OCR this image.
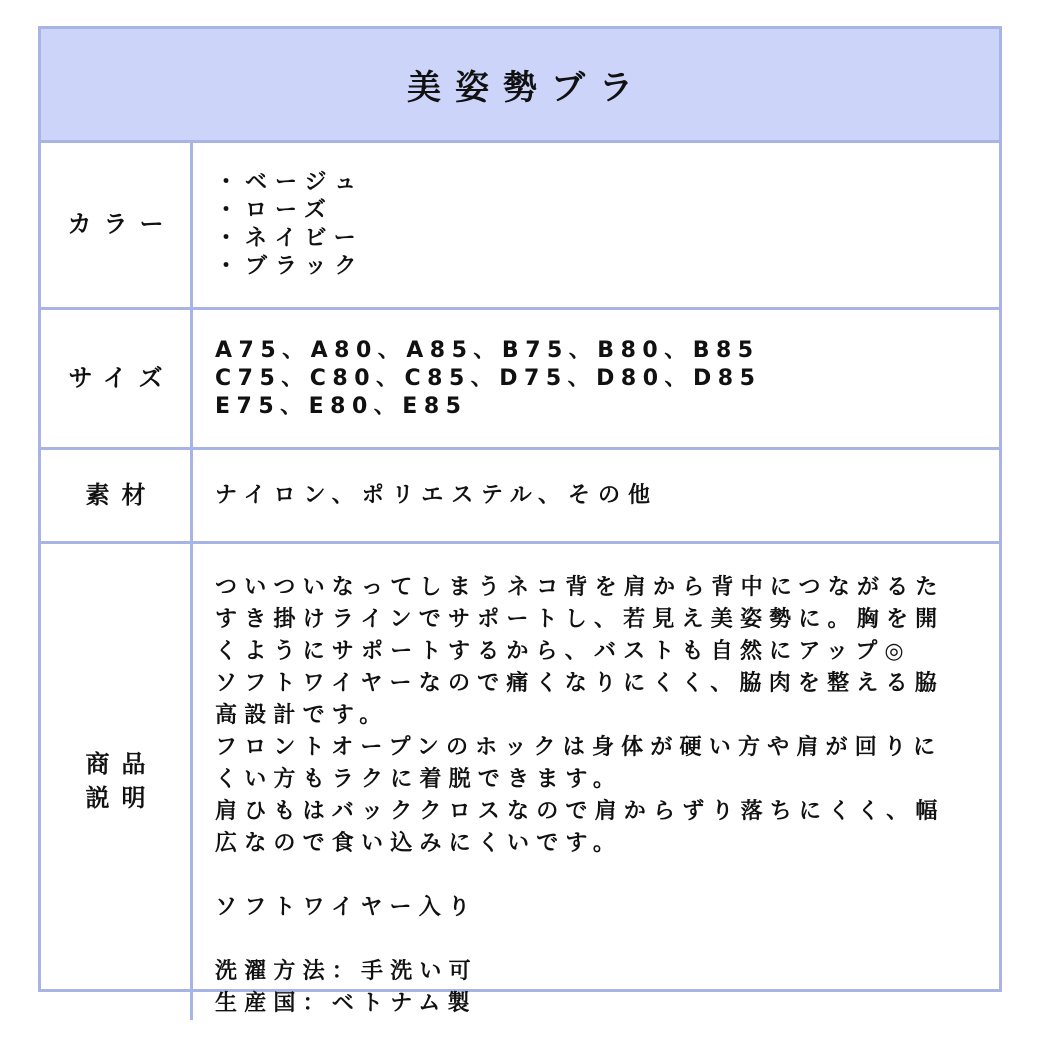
美姿勢ブラ
カラー
・ベージュ
・ローズ
・ネイビー
・ブラック
サイズ
A75、A80、A85、B75、B80、B85
C75、C80、C85、D75、D80、D85
E75、E80、E85
素材	ナイロン、ポリエステル、その他
商品
説明
ついついなってしまうネコ背を肩から背中につながるた
すき掛けラインでサポートし、若見え美姿勢に。胸を開
くようにサポートするから、バストも自然にアップ◎
ソフトワイヤーなので痛くなりにくく、脇肉を整える脇
高設計です。
フロントオープンのホックは身体が硬い方や肩が回りに
くい方もラクに着脱できます。
肩ひもはバッククロスなので肩からずり落ちにくく、幅
広なので食い込みにくいです。
ソフトワイヤー入り
洗濯方法：手洗い可
生産国：ベトナム製
